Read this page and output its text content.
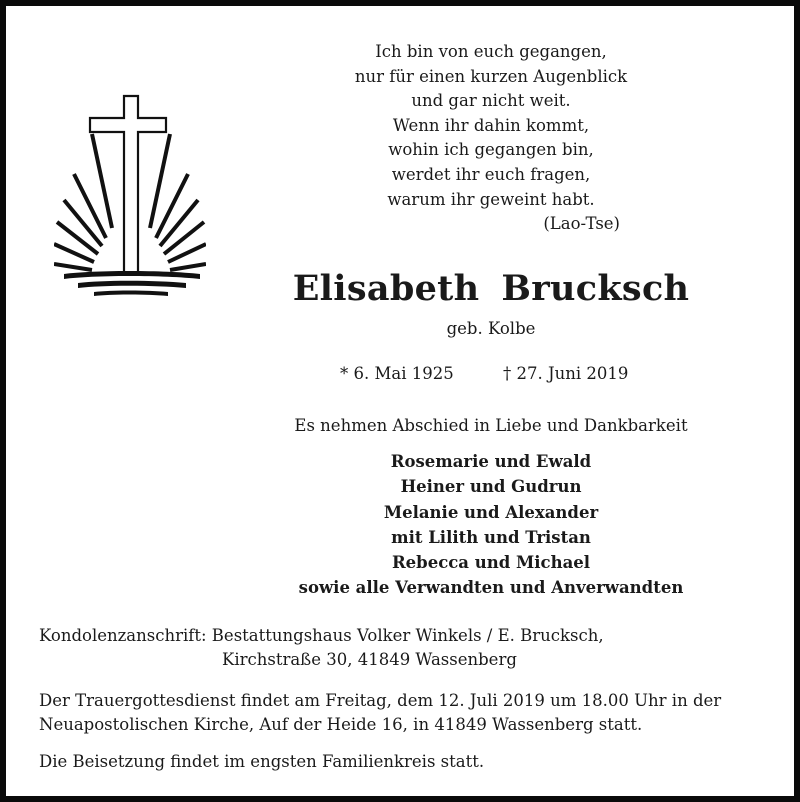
Ich bin von euch gegangen,
nur für einen kurzen Augenblick
und gar nicht weit.
Wenn ihr dahin kommt,
wohin ich gegangen bin,
werdet ihr euch fragen,
warum ihr geweint habt.
(Lao-Tse)
Elisabeth Brucksch
geb. Kolbe
* 6. Mai 1925	† 27. Juni 2019
Es nehmen Abschied in Liebe und Dankbarkeit
Rosemarie und Ewald
Heiner und Gudrun
Melanie und Alexander
mit Lilith und Tristan
Rebecca und Michael
sowie alle Verwandten und Anverwandten
Kondolenzanschrift: Bestattungshaus Volker Winkels / E. Brucksch,
Kirchstraße 30, 41849 Wassenberg
Der Trauergottesdienst findet am Freitag, dem 12. Juli 2019 um 18.00 Uhr in der
Neuapostolischen Kirche, Auf der Heide 16, in 41849 Wassenberg statt.
Die Beisetzung findet im engsten Familienkreis statt.
